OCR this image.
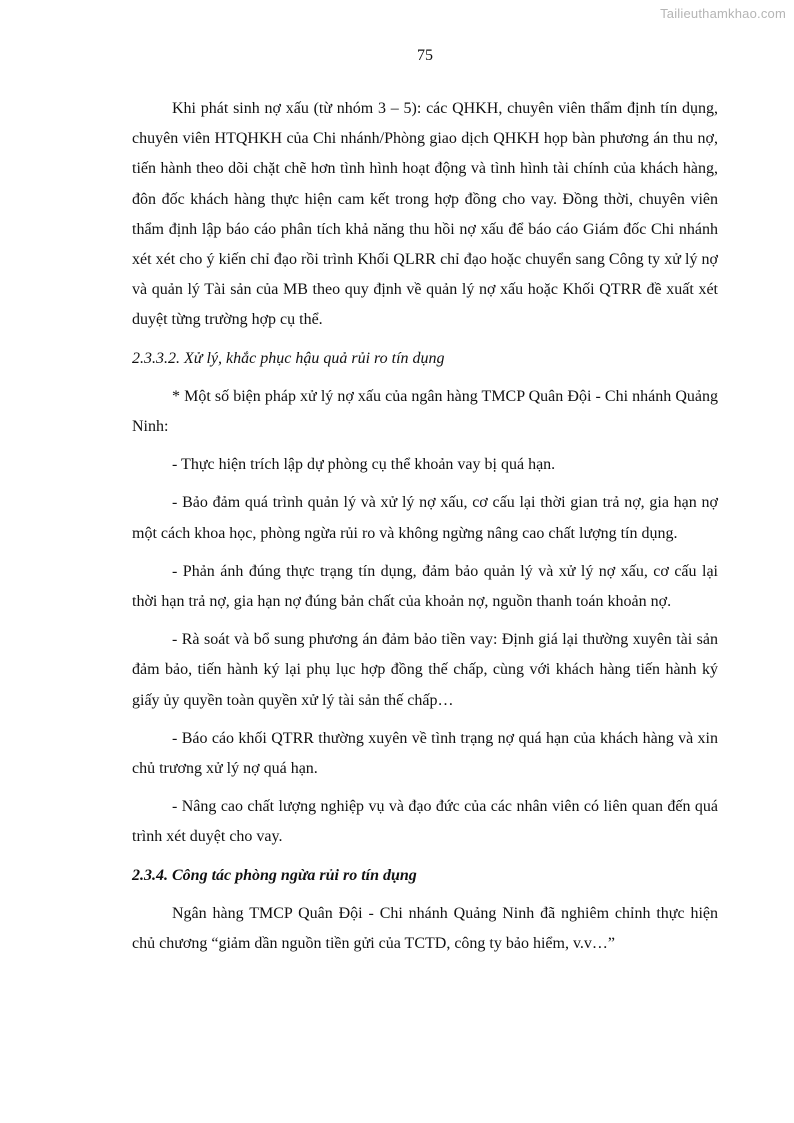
Tailieuthamkhao.com
75

Khi phát sinh nợ xấu (từ nhóm 3 – 5): các QHKH, chuyên viên thẩm định tín dụng, chuyên viên HTQHKH của Chi nhánh/Phòng giao dịch QHKH họp bàn phương án thu nợ, tiến hành theo dõi chặt chẽ hơn tình hình hoạt động và tình hình tài chính của khách hàng, đôn đốc khách hàng thực hiện cam kết trong hợp đồng cho vay. Đồng thời, chuyên viên thẩm định lập báo cáo phân tích khả năng thu hồi nợ xấu để báo cáo Giám đốc Chi nhánh xét xét cho ý kiến chỉ đạo rồi trình Khối QLRR chỉ đạo hoặc chuyển sang Công ty xử lý nợ và quản lý Tài sản của MB theo quy định về quản lý nợ xấu hoặc Khối QTRR đề xuất xét duyệt từng trường hợp cụ thể.

2.3.3.2. Xử lý, khắc phục hậu quả rủi ro tín dụng

* Một số biện pháp xử lý nợ xấu của ngân hàng TMCP Quân Đội - Chi nhánh Quảng Ninh:

- Thực hiện trích lập dự phòng cụ thể khoản vay bị quá hạn.

- Bảo đảm quá trình quản lý và xử lý nợ xấu, cơ cấu lại thời gian trả nợ, gia hạn nợ một cách khoa học, phòng ngừa rủi ro và không ngừng nâng cao chất lượng tín dụng.

- Phản ánh đúng thực trạng tín dụng, đảm bảo quản lý và xử lý nợ xấu, cơ cấu lại thời hạn trả nợ, gia hạn nợ đúng bản chất của khoản nợ, nguồn thanh toán khoản nợ.

- Rà soát và bổ sung phương án đảm bảo tiền vay: Định giá lại thường xuyên tài sản đảm bảo, tiến hành ký lại phụ lục hợp đồng thế chấp, cùng với khách hàng tiến hành ký giấy ủy quyền toàn quyền xử lý tài sản thế chấp…

- Báo cáo khối QTRR thường xuyên về tình trạng nợ quá hạn của khách hàng và xin chủ trương xử lý nợ quá hạn.

- Nâng cao chất lượng nghiệp vụ và đạo đức của các nhân viên có liên quan đến quá trình xét duyệt cho vay.

2.3.4. Công tác phòng ngừa rủi ro tín dụng

Ngân hàng TMCP Quân Đội - Chi nhánh Quảng Ninh đã nghiêm chỉnh thực hiện chủ chương “giảm dần nguồn tiền gửi của TCTD, công ty bảo hiểm, v.v…”
